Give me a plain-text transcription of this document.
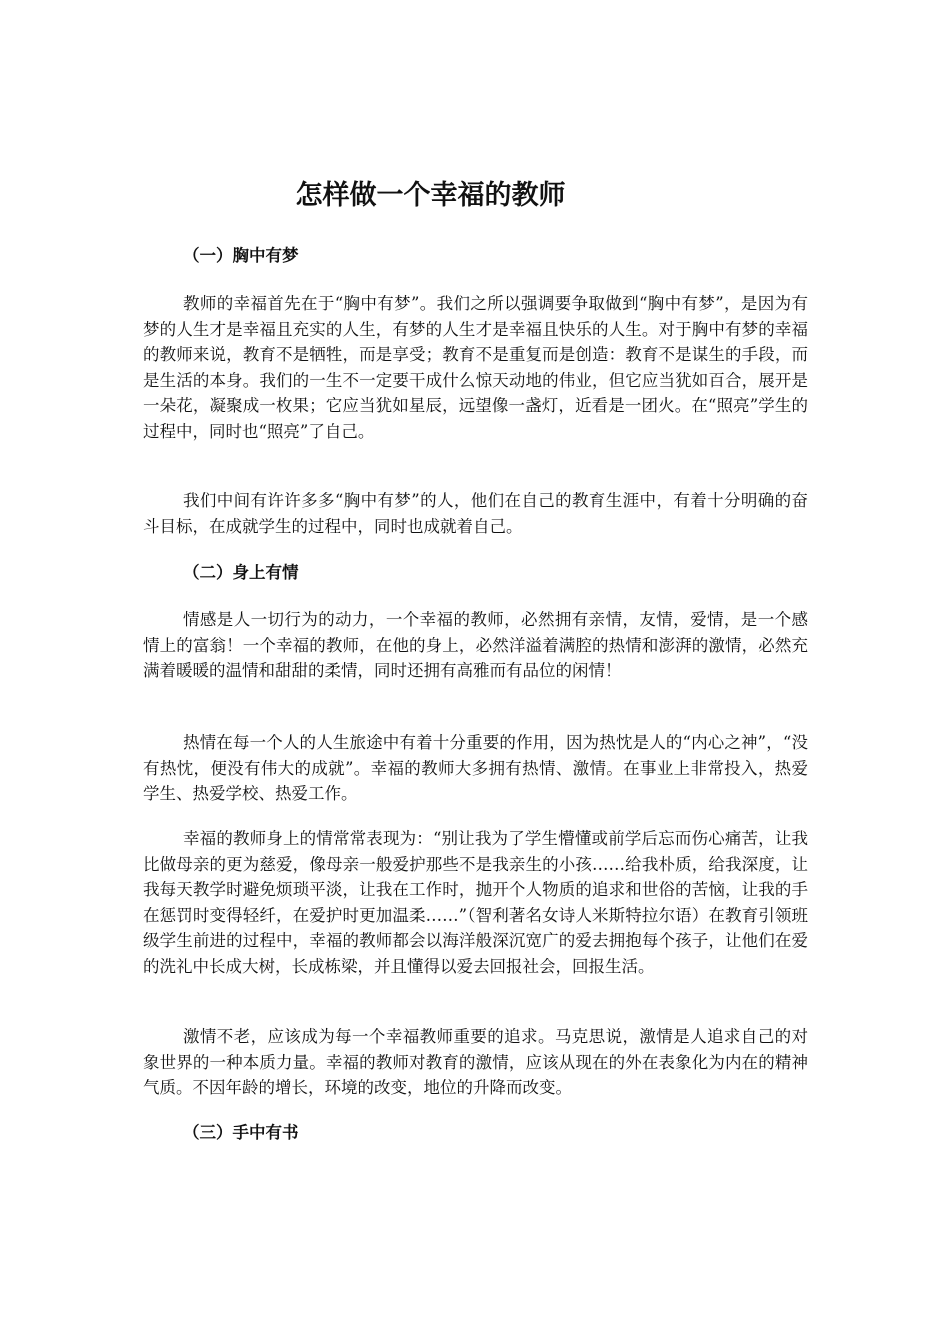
怎样做一个幸福的教师
（一）胸中有梦

教师的幸福首先在于“胸中有梦”。我们之所以强调要争取做到“胸中有梦”，是因为有梦的人生才是幸福且充实的人生，有梦的人生才是幸福且快乐的人生。对于胸中有梦的幸福的教师来说，教育不是牺牲，而是享受；教育不是重复而是创造：教育不是谋生的手段，而是生活的本身。我们的一生不一定要干成什么惊天动地的伟业，但它应当犹如百合，展开是一朵花，凝聚成一枚果；它应当犹如星辰，远望像一盏灯，近看是一团火。在“照亮”学生的过程中，同时也“照亮”了自己。

我们中间有许许多多“胸中有梦”的人，他们在自己的教育生涯中，有着十分明确的奋斗目标，在成就学生的过程中，同时也成就着自己。

（二）身上有情

情感是人一切行为的动力，一个幸福的教师，必然拥有亲情，友情，爱情，是一个感情上的富翁！一个幸福的教师，在他的身上，必然洋溢着满腔的热情和澎湃的激情，必然充满着暖暖的温情和甜甜的柔情，同时还拥有高雅而有品位的闲情！

热情在每一个人的人生旅途中有着十分重要的作用，因为热忱是人的“内心之神”，“没有热忱，便没有伟大的成就”。幸福的教师大多拥有热情、激情。在事业上非常投入，热爱学生、热爱学校、热爱工作。

幸福的教师身上的情常常表现为：“别让我为了学生懵懂或前学后忘而伤心痛苦，让我比做母亲的更为慈爱，像母亲一般爱护那些不是我亲生的小孩……给我朴质，给我深度，让我每天教学时避免烦琐平淡，让我在工作时，抛开个人物质的追求和世俗的苦恼，让我的手在惩罚时变得轻纤，在爱护时更加温柔……”（智利著名女诗人米斯特拉尔语）在教育引领班级学生前进的过程中，幸福的教师都会以海洋般深沉宽广的爱去拥抱每个孩子，让他们在爱的洗礼中长成大树，长成栋梁，并且懂得以爱去回报社会，回报生活。

激情不老，应该成为每一个幸福教师重要的追求。马克思说，激情是人追求自己的对象世界的一种本质力量。幸福的教师对教育的激情，应该从现在的外在表象化为内在的精神气质。不因年龄的增长，环境的改变，地位的升降而改变。

（三）手中有书
